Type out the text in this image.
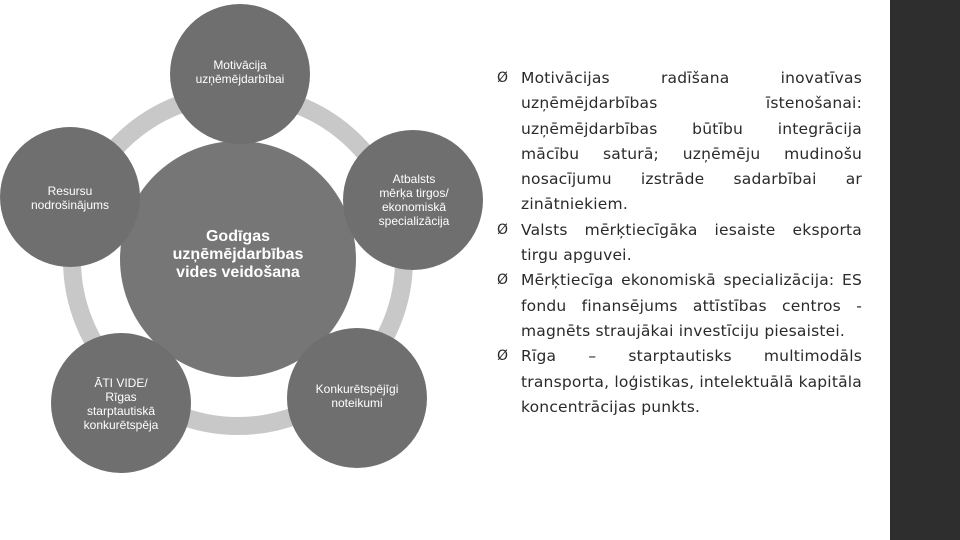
Godīgas
uzņēmējdarbības
vides veidošana
Motivācija
uzņēmējdarbībai
Atbalsts
mērķa tirgos/
ekonomiskā
specializācija
Konkurētspējīgi
noteikumi
ĀTI VIDE/
Rīgas
starptautiskā
konkurētspēja
Resursu
nodrošinājums
Ø Motivācijas radīšana inovatīvas uzņēmējdarbības īstenošanai: uzņēmējdarbības būtību integrācija mācību saturā; uzņēmēju mudinošu nosacījumu izstrāde sadarbībai ar zinātniekiem.
Ø Valsts mērķtiecīgāka iesaiste eksporta tirgu apguvei.
Ø Mērķtiecīga ekonomiskā specializācija: ES fondu finansējums attīstības centros - magnēts straujākai investīciju piesaistei.
Ø Rīga – starptautisks multimodāls transporta, loģistikas, intelektuālā kapitāla koncentrācijas punkts.
